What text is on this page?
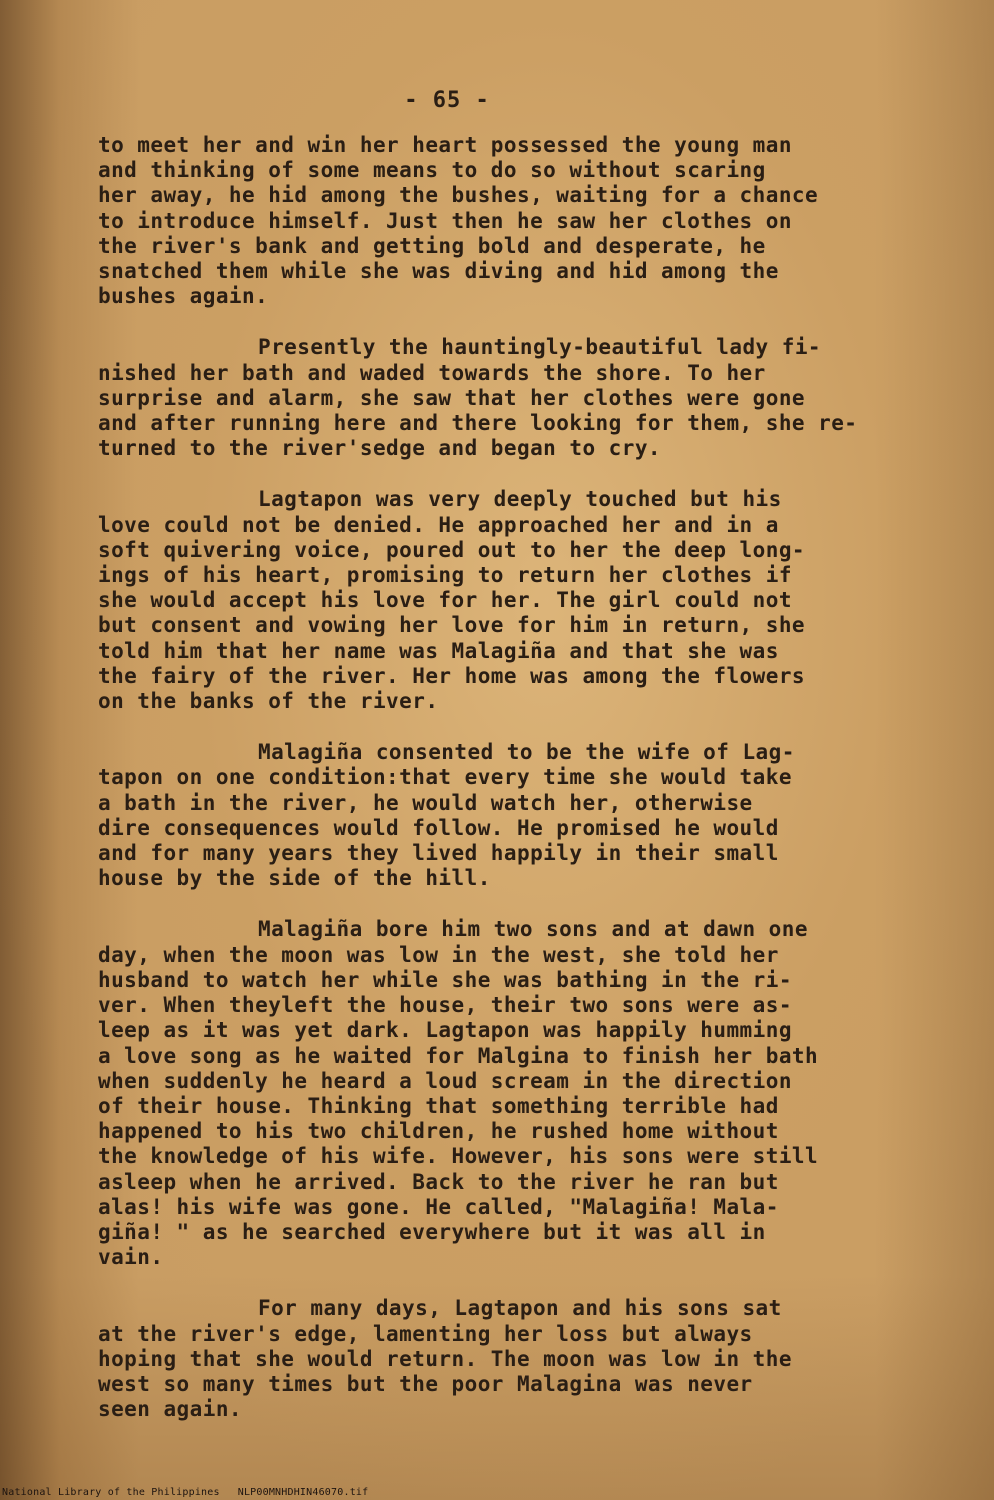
- 65 -
to meet her and win her heart possessed the young man
and thinking of some means to do so without scaring
her away, he hid among the bushes, waiting for a chance
to introduce himself. Just then he saw her clothes on
the river's bank and getting bold and desperate, he
snatched them while she was diving and hid among the
bushes again.
Presently the hauntingly-beautiful lady fi-
nished her bath and waded towards the shore. To her
surprise and alarm, she saw that her clothes were gone
and after running here and there looking for them, she re-
turned to the river'sedge and began to cry.
Lagtapon was very deeply touched but his
love could not be denied. He approached her and in a
soft quivering voice, poured out to her the deep long-
ings of his heart, promising to return her clothes if
she would accept his love for her. The girl could not
but consent and vowing her love for him in return, she
told him that her name was Malagiña and that she was
the fairy of the river. Her home was among the flowers
on the banks of the river.
Malagiña consented to be the wife of Lag-
tapon on one condition:that every time she would take
a bath in the river, he would watch her, otherwise
dire consequences would follow. He promised he would
and for many years they lived happily in their small
house by the side of the hill.
Malagiña bore him two sons and at dawn one
day, when the moon was low in the west, she told her
husband to watch her while she was bathing in the ri-
ver. When theyleft the house, their two sons were as-
leep as it was yet dark. Lagtapon was happily humming
a love song as he waited for Malgina to finish her bath
when suddenly he heard a loud scream in the direction
of their house. Thinking that something terrible had
happened to his two children, he rushed home without
the knowledge of his wife. However, his sons were still
asleep when he arrived. Back to the river he ran but
alas! his wife was gone. He called, "Malagiña! Mala-
giña! " as he searched everywhere but it was all in
vain.
For many days, Lagtapon and his sons sat
at the river's edge, lamenting her loss but always
hoping that she would return. The moon was low in the
west so many times but the poor Malagina was never
seen again.
National Library of the Philippines NLP00MNHDHIN46070.tif
